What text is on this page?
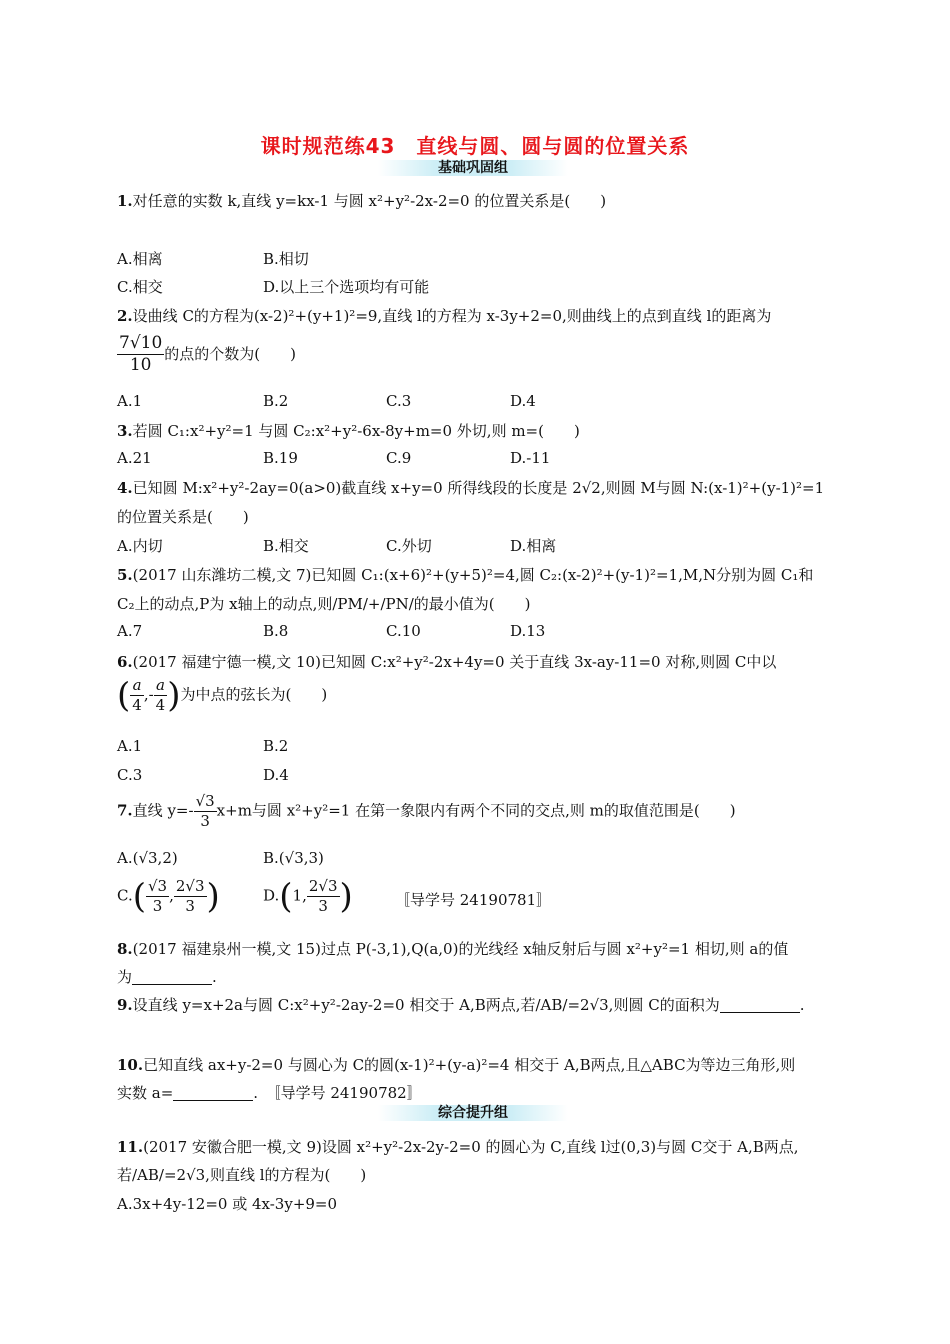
课时规范练43　直线与圆、圆与圆的位置关系
基础巩固组
1.对任意的实数 k,直线 y=kx-1 与圆 x²+y²-2x-2=0 的位置关系是(　　)
A.相离	B.相切
C.相交	D.以上三个选项均有可能
2.设曲线 C的方程为(x-2)²+(y+1)²=9,直线 l的方程为 x-3y+2=0,则曲线上的点到直线 l的距离为
$\frac{7√10}{10}$ 的点的个数为(　　)
A.1	B.2	C.3	D.4
3.若圆 C₁:x²+y²=1 与圆 C₂:x²+y²-6x-8y+m=0 外切,则 m=(　　)
A.21	B.19	C.9	D.-11
4.已知圆 M:x²+y²-2ay=0(a>0)截直线 x+y=0 所得线段的长度是 2√2,则圆 M与圆 N:(x-1)²+(y-1)²=1
的位置关系是(　　)
A.内切	B.相交	C.外切	D.相离
5.(2017 山东潍坊二模,文 7)已知圆 C₁:(x+6)²+(y+5)²=4,圆 C₂:(x-2)²+(y-1)²=1,M,N分别为圆 C₁和
C₂上的动点,P为 x轴上的动点,则/PM/+/PN/的最小值为(　　)
A.7	B.8	C.10	D.13
6.(2017 福建宁德一模,文 10)已知圆 C:x²+y²-2x+4y=0 关于直线 3x-ay-11=0 对称,则圆 C中以
( $\frac{a}{4}$ ,- $\frac{a}{4}$ )为中点的弦长为(　　)
A.1	B.2
C.3	D.4
7.直线 $y=- \frac{√3}{3} x+m$与圆 x²+y²=1 在第一象限内有两个不同的交点,则 m的取值范围是(　　)
A.(√3,2)	B.(√3,3)
$C.( \frac{√3}{3}$ , $\frac{2√3}{3}$ )	D.(1, $\frac{2√3}{3}$ )	〚导学号 24190781〛
8.(2017 福建泉州一模,文 15)过点 P(-3,1),Q(a,0)的光线经 x轴反射后与圆 x²+y²=1 相切,则 a的值
为	.
9.设直线 y=x+2a与圆 C:x²+y²-2ay-2=0 相交于 A,B两点,若/AB/=2√3,则圆 C的面积为	.
10.已知直线 ax+y-2=0 与圆心为 C的圆(x-1)²+(y-a)²=4 相交于 A,B两点,且△ABC为等边三角形,则
实数 a=	.　 〚导学号 24190782〛
综合提升组
11.(2017 安徽合肥一模,文 9)设圆 x²+y²-2x-2y-2=0 的圆心为 C,直线 l过(0,3)与圆 C交于 A,B两点,
若/AB/=2√3,则直线 l的方程为(　　)
A.3x+4y-12=0 或 4x-3y+9=0
